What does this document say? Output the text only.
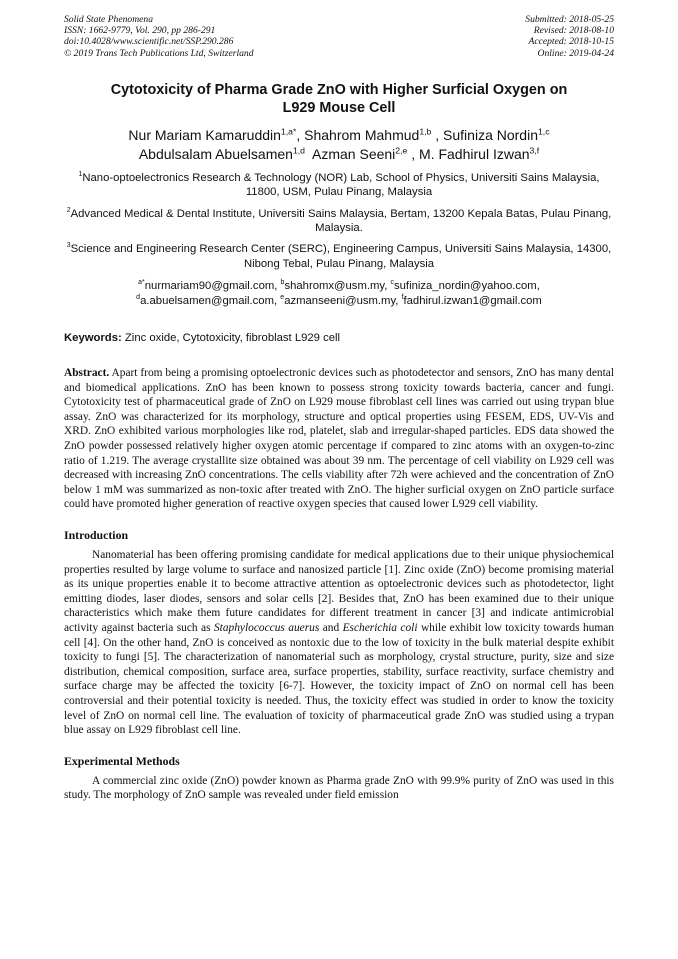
Solid State Phenomena
ISSN: 1662-9779, Vol. 290, pp 286-291
doi:10.4028/www.scientific.net/SSP.290.286
© 2019 Trans Tech Publications Ltd, Switzerland
Submitted: 2018-05-25
Revised: 2018-08-10
Accepted: 2018-10-15
Online: 2019-04-24
Cytotoxicity of Pharma Grade ZnO with Higher Surficial Oxygen on
L929 Mouse Cell
Nur Mariam Kamaruddin$^{1,a*}$, Shahrom Mahmud$^{1,b}$ , Sufiniza Nordin$^{1,c}$
Abdulsalam Abuelsamen$^{1,d}$ Azman Seeni$^{2,e}$ , M. Fadhirul Izwan$^{3,f}$
$^1$Nano-optoelectronics Research & Technology (NOR) Lab, School of Physics, Universiti Sains Malaysia, 11800, USM, Pulau Pinang, Malaysia
$^2$Advanced Medical & Dental Institute, Universiti Sains Malaysia, Bertam, 13200 Kepala Batas, Pulau Pinang, Malaysia.
$^3$Science and Engineering Research Center (SERC), Engineering Campus, Universiti Sains Malaysia, 14300, Nibong Tebal, Pulau Pinang, Malaysia
$^{a*}$nurmariam90@gmail.com, $^b$shahromx@usm.my, $^c$sufiniza_nordin@yahoo.com,
$^d$a.abuelsamen@gmail.com, $^e$azmanseeni@usm.my, $^f$fadhirul.izwan1@gmail.com
Keywords: Zinc oxide, Cytotoxicity, fibroblast L929 cell
Abstract. Apart from being a promising optoelectronic devices such as photodetector and sensors, ZnO has many dental and biomedical applications. ZnO has been known to possess strong toxicity towards bacteria, cancer and fungi. Cytotoxicity test of pharmaceutical grade of ZnO on L929 mouse fibroblast cell lines was carried out using trypan blue assay. ZnO was characterized for its morphology, structure and optical properties using FESEM, EDS, UV-Vis and XRD. ZnO exhibited various morphologies like rod, platelet, slab and irregular-shaped particles. EDS data showed the ZnO powder possessed relatively higher oxygen atomic percentage if compared to zinc atoms with an oxygen-to-zinc ratio of 1.219. The average crystallite size obtained was about 39 nm. The percentage of cell viability on L929 cell was decreased with increasing ZnO concentrations. The cells viability after 72h were achieved and the concentration of ZnO below 1 mM was summarized as non-toxic after treated with ZnO. The higher surficial oxygen on ZnO particle surface could have promoted higher generation of reactive oxygen species that caused lower L929 cell viability.
Introduction

Nanomaterial has been offering promising candidate for medical applications due to their unique physiochemical properties resulted by large volume to surface and nanosized particle [1]. Zinc oxide (ZnO) become promising material as its unique properties enable it to become attractive attention as optoelectronic devices such as photodetector, light emitting diodes, laser diodes, sensors and solar cells [2]. Besides that, ZnO has been examined due to their unique characteristics which make them future candidates for different treatment in cancer [3] and indicate antimicrobial activity against bacteria such as Staphylococcus auerus and Escherichia coli while exhibit low toxicity towards human cell [4]. On the other hand, ZnO is conceived as nontoxic due to the low of toxicity in the bulk material despite exhibit toxicity to fungi [5]. The characterization of nanomaterial such as morphology, crystal structure, purity, size and size distribution, chemical composition, surface area, surface properties, stability, surface reactivity, surface chemistry and surface charge may be affected the toxicity [6-7]. However, the toxicity impact of ZnO on normal cell has been controversial and their potential toxicity is needed. Thus, the toxicity effect was studied in order to know the toxicity level of ZnO on normal cell line. The evaluation of toxicity of pharmaceutical grade ZnO was studied using a trypan blue assay on L929 fibroblast cell line.

Experimental Methods

A commercial zinc oxide (ZnO) powder known as Pharma grade ZnO with 99.9% purity of ZnO was used in this study. The morphology of ZnO sample was revealed under field emission
